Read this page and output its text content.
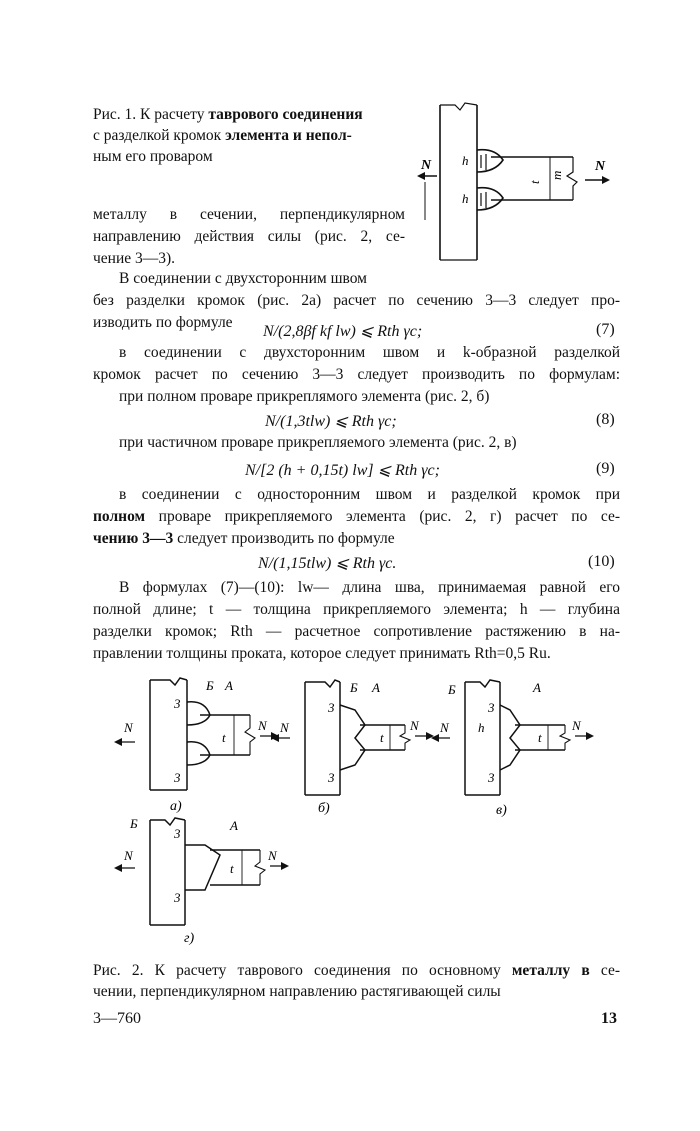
Рис. 1. К расчету таврового соединения
с разделкой кромок элемента и непол-
ным его проваром
N	N
h
h
t
m
металлу в сечении, перпендикулярном
направлению действия силы (рис. 2, се-
чение 3—3).
В соединении с двухсторонним швом
без разделки кромок (рис. 2а) расчет по сечению 3—3 следует про-
изводить по формуле
N/(2,8βf kf lw) ⩽ Rth γc;	(7)
в соединении с двухсторонним швом и k-образной разделкой
кромок расчет по сечению 3—3 следует производить по формулам:
при полном проваре прикреплямого элемента (рис. 2, б)
N/(1,3tlw) ⩽ Rth γc;	(8)
при частичном проваре прикрепляемого элемента (рис. 2, в)
N/[2 (h + 0,15t) lw] ⩽ Rth γc;	(9)
в соединении с односторонним швом и разделкой кромок при
полном проваре прикрепляемого элемента (рис. 2, г) расчет по се-
чению 3—3 следует производить по формуле
N/(1,15tlw) ⩽ Rth γc.	(10)
В формулах (7)—(10): lw— длина шва, принимаемая равной его
полной длине; t — толщина прикрепляемого элемента; h — глубина
разделки кромок; Rth — расчетное сопротивление растяжению в на-
правлении толщины проката, которое следует принимать Rth=0,5 Ru.
N	N
Б А
3
3
t
а)
N	N
Б А
3
3
t
б)
N	N
Б	А
3
3
h
t
в)
N	N
Б	А
3
3
t
г)
Рис. 2. К расчету таврового соединения по основному металлу в се-
чении, перпендикулярном направлению растягивающей силы
3—760	13
